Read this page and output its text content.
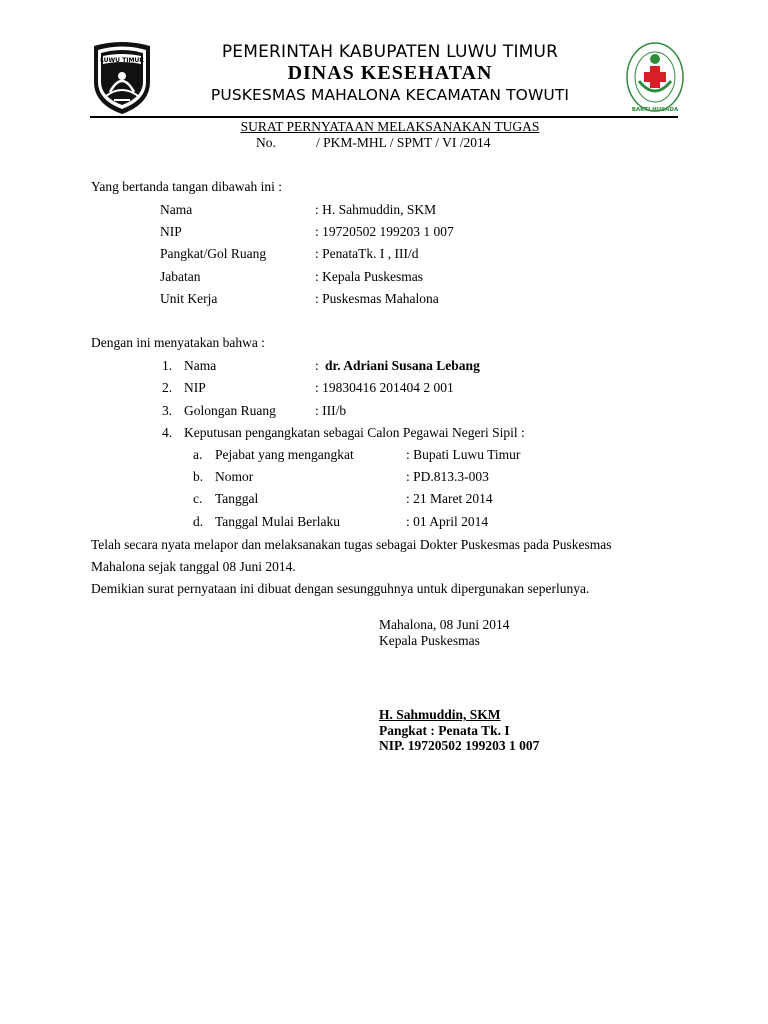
LUWU TIMUR	PEMERINTAH KABUPATEN LUWU TIMUR
DINAS KESEHATAN
PUSKESMAS MAHALONA KECAMATAN TOWUTI
BAKTI HUSADA
SURAT PERNYATAAN MELAKSANAKAN TUGAS
No.	/ PKM-MHL / SPMT / VI /2014
Yang bertanda tangan dibawah ini :
Nama	: H. Sahmuddin, SKM
NIP	: 19720502 199203 1 007
Pangkat/Gol Ruang	: PenataTk. I , III/d
Jabatan	: Kepala Puskesmas
Unit Kerja	: Puskesmas Mahalona
Dengan ini menyatakan bahwa :
1. Nama	: dr. Adriani Susana Lebang
2. NIP	: 19830416 201404 2 001
3. Golongan Ruang	: III/b
4. Keputusan pengangkatan sebagai Calon Pegawai Negeri Sipil :
a. Pejabat yang mengangkat	: Bupati Luwu Timur
b. Nomor	: PD.813.3-003
c. Tanggal	: 21 Maret 2014
d. Tanggal Mulai Berlaku	: 01 April 2014
Telah secara nyata melapor dan melaksanakan tugas sebagai Dokter Puskesmas pada Puskesmas
Mahalona sejak tanggal 08 Juni 2014.
Demikian surat pernyataan ini dibuat dengan sesungguhnya untuk dipergunakan seperlunya.
Mahalona, 08 Juni 2014
Kepala Puskesmas
H. Sahmuddin, SKM
Pangkat : Penata Tk. I
NIP. 19720502 199203 1 007
